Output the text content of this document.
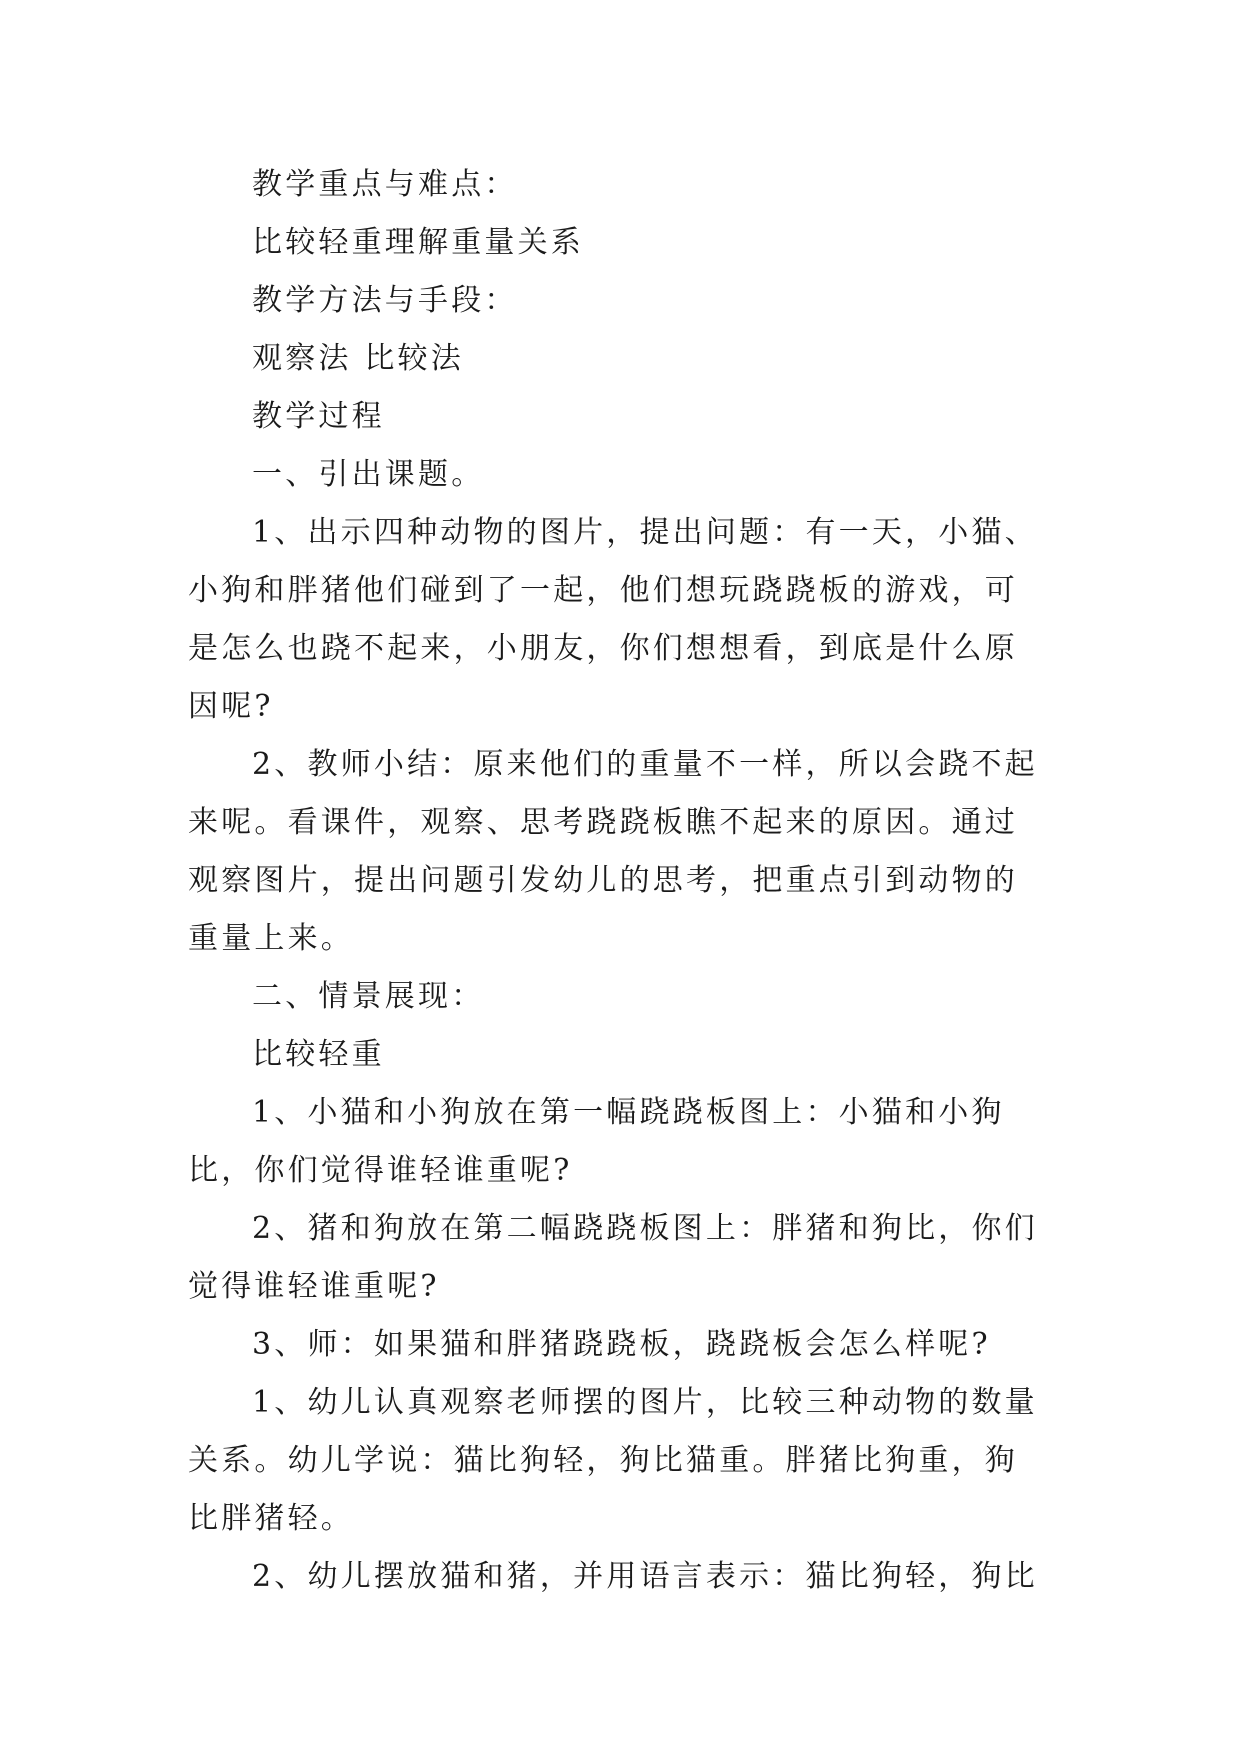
教学重点与难点：

比较轻重理解重量关系

教学方法与手段：

观察法 比较法

教学过程

一、引出课题。

1、出示四种动物的图片，提出问题：有一天，小猫、小狗和胖猪他们碰到了一起，他们想玩跷跷板的游戏，可是怎么也跷不起来，小朋友，你们想想看，到底是什么原因呢?

2、教师小结：原来他们的重量不一样，所以会跷不起来呢。看课件，观察、思考跷跷板瞧不起来的原因。通过观察图片，提出问题引发幼儿的思考，把重点引到动物的重量上来。

二、情景展现：

比较轻重

1、小猫和小狗放在第一幅跷跷板图上：小猫和小狗比，你们觉得谁轻谁重呢?

2、猪和狗放在第二幅跷跷板图上：胖猪和狗比，你们觉得谁轻谁重呢?

3、师：如果猫和胖猪跷跷板，跷跷板会怎么样呢?

1、幼儿认真观察老师摆的图片，比较三种动物的数量关系。幼儿学说：猫比狗轻，狗比猫重。胖猪比狗重，狗比胖猪轻。

2、幼儿摆放猫和猪，并用语言表示：猫比狗轻，狗比
